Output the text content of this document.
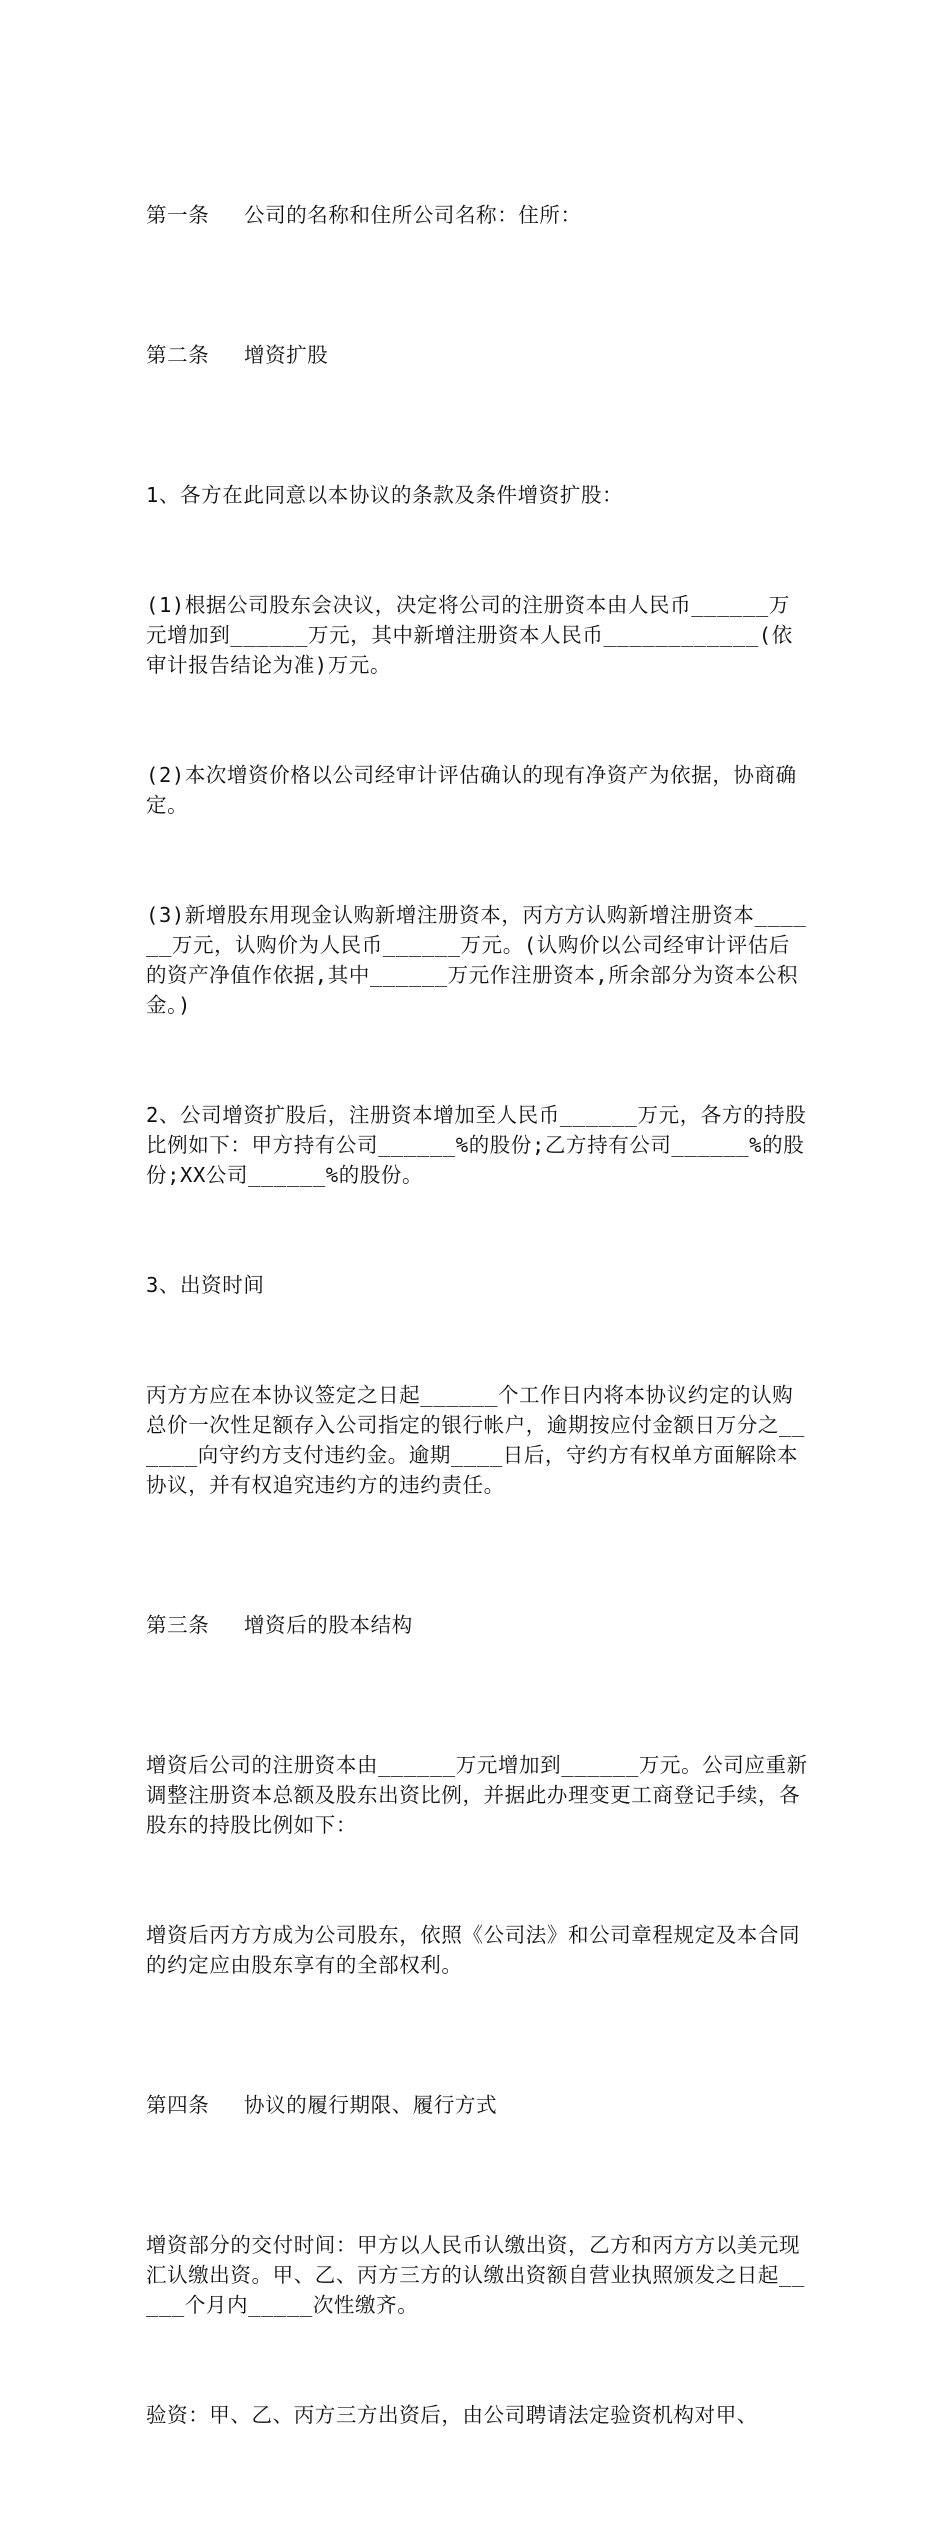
第一条 公司的名称和住所公司名称：住所：

第二条 增资扩股

1、各方在此同意以本协议的条款及条件增资扩股：

(1)根据公司股东会决议，决定将公司的注册资本由人民币______万元增加到______万元，其中新增注册资本人民币____________(依审计报告结论为准)万元。

(2)本次增资价格以公司经审计评估确认的现有净资产为依据，协商确定。

(3)新增股东用现金认购新增注册资本，丙方方认购新增注册资本______万元，认购价为人民币______万元。(认购价以公司经审计评估后的资产净值作依据,其中______万元作注册资本,所余部分为资本公积金。)

2、公司增资扩股后，注册资本增加至人民币______万元，各方的持股比例如下：甲方持有公司______%的股份;乙方持有公司______%的股份;XX公司______%的股份。

3、出资时间

丙方方应在本协议签定之日起______个工作日内将本协议约定的认购总价一次性足额存入公司指定的银行帐户，逾期按应付金额日万分之______向守约方支付违约金。逾期____日后，守约方有权单方面解除本协议，并有权追究违约方的违约责任。

第三条 增资后的股本结构

增资后公司的注册资本由______万元增加到______万元。公司应重新调整注册资本总额及股东出资比例，并据此办理变更工商登记手续，各股东的持股比例如下：

增资后丙方方成为公司股东，依照《公司法》和公司章程规定及本合同的约定应由股东享有的全部权利。

第四条 协议的履行期限、履行方式

增资部分的交付时间：甲方以人民币认缴出资，乙方和丙方方以美元现汇认缴出资。甲、乙、丙方三方的认缴出资额自营业执照颁发之日起_____个月内_____次性缴齐。

验资：甲、乙、丙方三方出资后，由公司聘请法定验资机构对甲、
